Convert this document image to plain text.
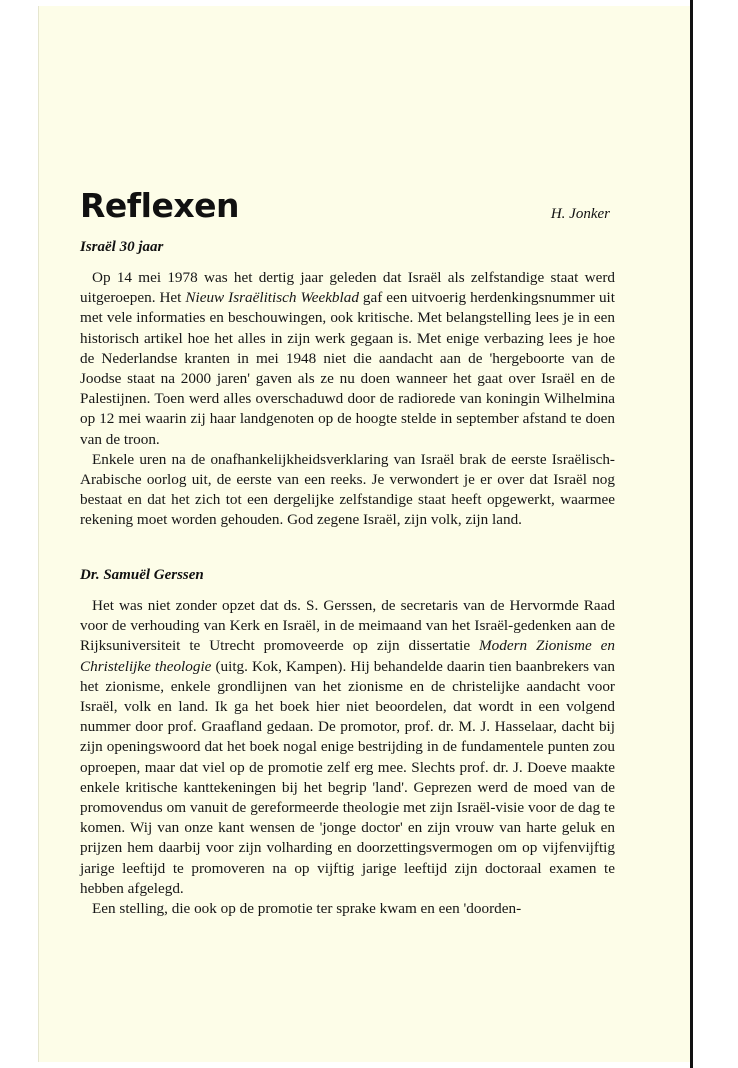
Reflexen	H. Jonker
Israël 30 jaar

Op 14 mei 1978 was het dertig jaar geleden dat Israël als zelfstandige staat werd uitgeroepen. Het Nieuw Israëlitisch Weekblad gaf een uitvoerig herdenkingsnummer uit met vele informaties en beschouwingen, ook kritische. Met belangstelling lees je in een historisch artikel hoe het alles in zijn werk gegaan is. Met enige verbazing lees je hoe de Nederlandse kranten in mei 1948 niet die aandacht aan de 'hergeboorte van de Joodse staat na 2000 jaren' gaven als ze nu doen wanneer het gaat over Israël en de Palestijnen. Toen werd alles overschaduwd door de radiorede van koningin Wilhelmina op 12 mei waarin zij haar landgenoten op de hoogte stelde in september afstand te doen van de troon.

Enkele uren na de onafhankelijkheidsverklaring van Israël brak de eerste Israëlisch-Arabische oorlog uit, de eerste van een reeks. Je verwondert je er over dat Israël nog bestaat en dat het zich tot een dergelijke zelfstandige staat heeft opgewerkt, waarmee rekening moet worden gehouden. God zegene Israël, zijn volk, zijn land.

Dr. Samuël Gerssen

Het was niet zonder opzet dat ds. S. Gerssen, de secretaris van de Hervormde Raad voor de verhouding van Kerk en Israël, in de meimaand van het Israël-gedenken aan de Rijksuniversiteit te Utrecht promoveerde op zijn dissertatie Modern Zionisme en Christelijke theologie (uitg. Kok, Kampen). Hij behandelde daarin tien baanbrekers van het zionisme, enkele grondlijnen van het zionisme en de christelijke aandacht voor Israël, volk en land. Ik ga het boek hier niet beoordelen, dat wordt in een volgend nummer door prof. Graafland gedaan. De promotor, prof. dr. M. J. Hasselaar, dacht bij zijn openingswoord dat het boek nogal enige bestrijding in de fundamentele punten zou oproepen, maar dat viel op de promotie zelf erg mee. Slechts prof. dr. J. Doeve maakte enkele kritische kanttekeningen bij het begrip 'land'. Geprezen werd de moed van de promovendus om vanuit de gereformeerde theologie met zijn Israël-visie voor de dag te komen. Wij van onze kant wensen de 'jonge doctor' en zijn vrouw van harte geluk en prijzen hem daarbij voor zijn volharding en doorzettingsvermogen om op vijfenvijftig jarige leeftijd te promoveren na op vijftig jarige leeftijd zijn doctoraal examen te hebben afgelegd.

Een stelling, die ook op de promotie ter sprake kwam en een 'doorden-
